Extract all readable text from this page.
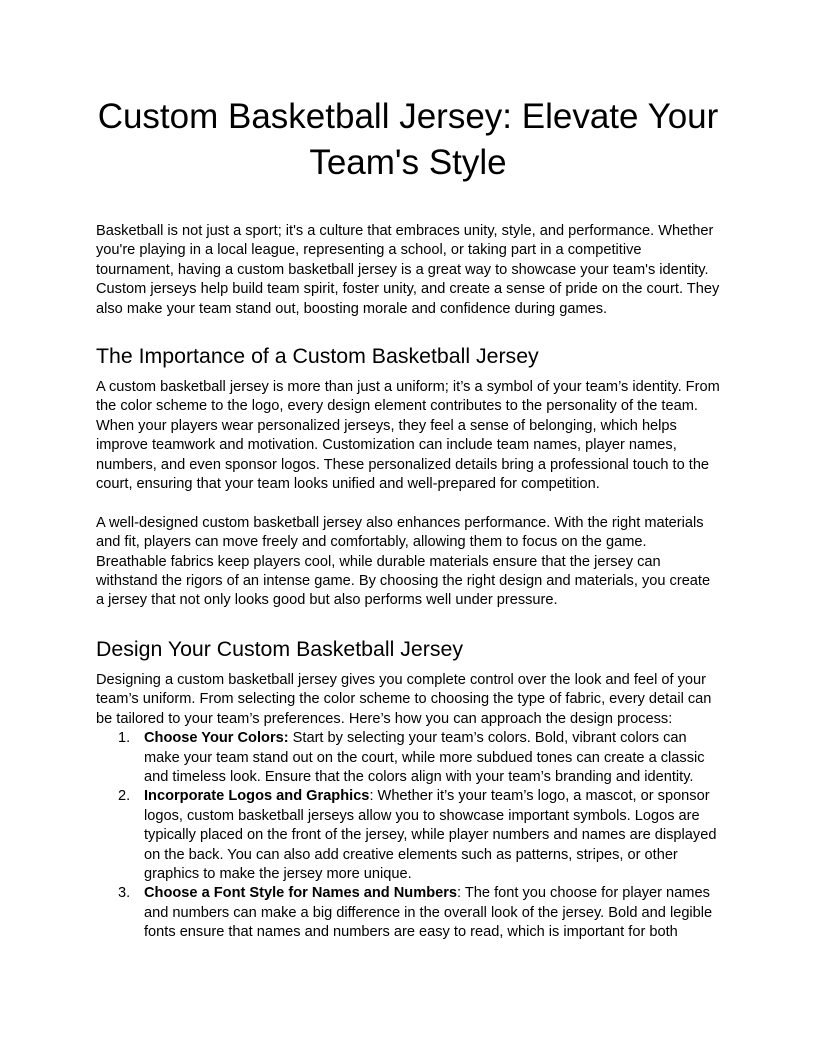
Custom Basketball Jersey: Elevate Your Team's Style

Basketball is not just a sport; it's a culture that embraces unity, style, and performance. Whether you're playing in a local league, representing a school, or taking part in a competitive tournament, having a custom basketball jersey is a great way to showcase your team's identity. Custom jerseys help build team spirit, foster unity, and create a sense of pride on the court. They also make your team stand out, boosting morale and confidence during games.

The Importance of a Custom Basketball Jersey

A custom basketball jersey is more than just a uniform; it’s a symbol of your team’s identity. From the color scheme to the logo, every design element contributes to the personality of the team. When your players wear personalized jerseys, they feel a sense of belonging, which helps improve teamwork and motivation. Customization can include team names, player names, numbers, and even sponsor logos. These personalized details bring a professional touch to the court, ensuring that your team looks unified and well-prepared for competition.

A well-designed custom basketball jersey also enhances performance. With the right materials and fit, players can move freely and comfortably, allowing them to focus on the game. Breathable fabrics keep players cool, while durable materials ensure that the jersey can withstand the rigors of an intense game. By choosing the right design and materials, you create a jersey that not only looks good but also performs well under pressure.

Design Your Custom Basketball Jersey

Designing a custom basketball jersey gives you complete control over the look and feel of your team’s uniform. From selecting the color scheme to choosing the type of fabric, every detail can be tailored to your team’s preferences. Here’s how you can approach the design process:

1. Choose Your Colors: Start by selecting your team’s colors. Bold, vibrant colors can make your team stand out on the court, while more subdued tones can create a classic and timeless look. Ensure that the colors align with your team’s branding and identity.
2. Incorporate Logos and Graphics: Whether it’s your team’s logo, a mascot, or sponsor logos, custom basketball jerseys allow you to showcase important symbols. Logos are typically placed on the front of the jersey, while player numbers and names are displayed on the back. You can also add creative elements such as patterns, stripes, or other graphics to make the jersey more unique.
3. Choose a Font Style for Names and Numbers: The font you choose for player names and numbers can make a big difference in the overall look of the jersey. Bold and legible fonts ensure that names and numbers are easy to read, which is important for both
